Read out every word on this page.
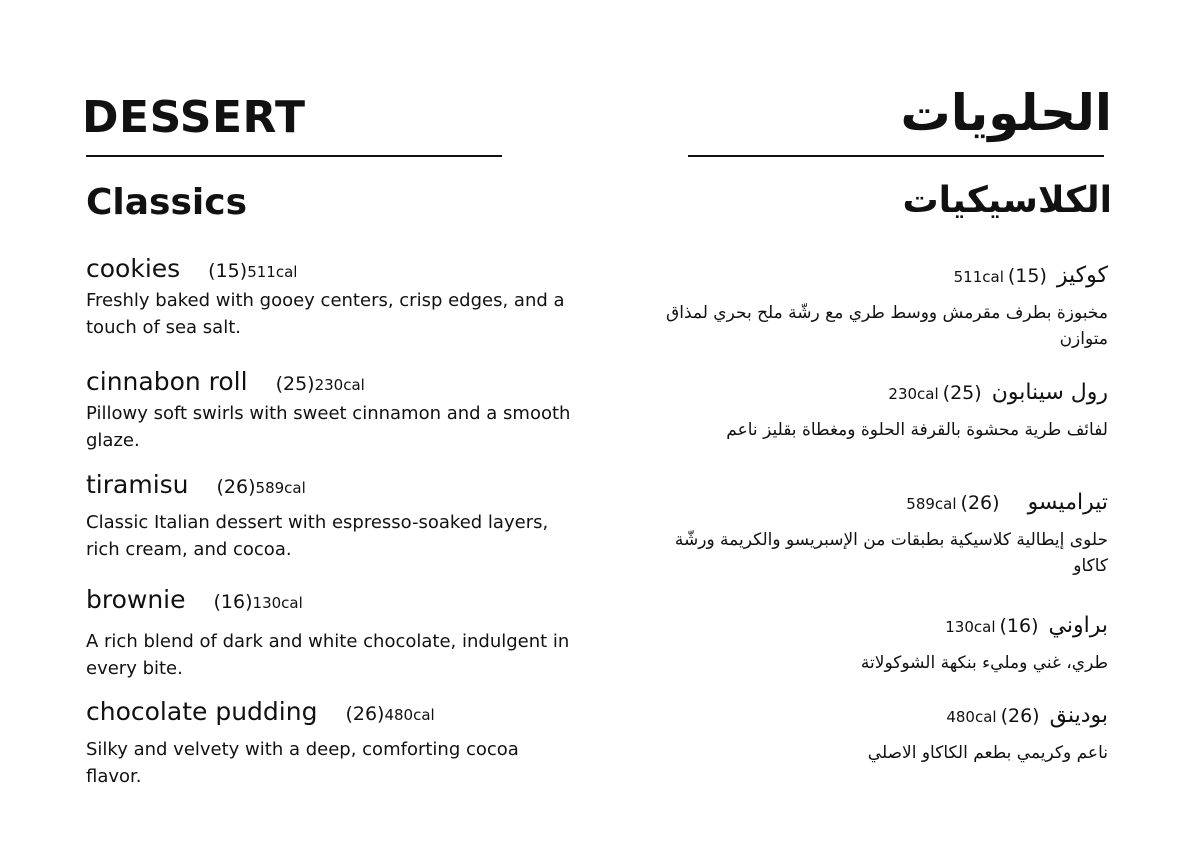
DESSERT	الحلويات
Classics	الكلاسيكيات
cookies (15) 511cal
Freshly baked with gooey centers, crisp edges, and a touch of sea salt.
cinnabon roll (25) 230cal
Pillowy soft swirls with sweet cinnamon and a smooth glaze.
tiramisu (26) 589cal
Classic Italian dessert with espresso-soaked layers, rich cream, and cocoa.
brownie (16) 130cal
A rich blend of dark and white chocolate, indulgent in every bite.
chocolate pudding (26) 480cal
Silky and velvety with a deep, comforting cocoa flavor.
كوكيز
(15)
511cal
مخبوزة بطرف مقرمش ووسط طري مع رشّة ملح بحري لمذاق متوازن
رول سينابون
(25)
230cal
لفائف طرية محشوة بالقرفة الحلوة ومغطاة بقليز ناعم
تيراميسو
(26)
589cal
حلوى إيطالية كلاسيكية بطبقات من الإسبريسو والكريمة ورشّة كاكاو
براوني
(16)
130cal
طري، غني ومليء بنكهة الشوكولاتة
بودينق
(26)
480cal
ناعم وكريمي بطعم الكاكاو الاصلي
